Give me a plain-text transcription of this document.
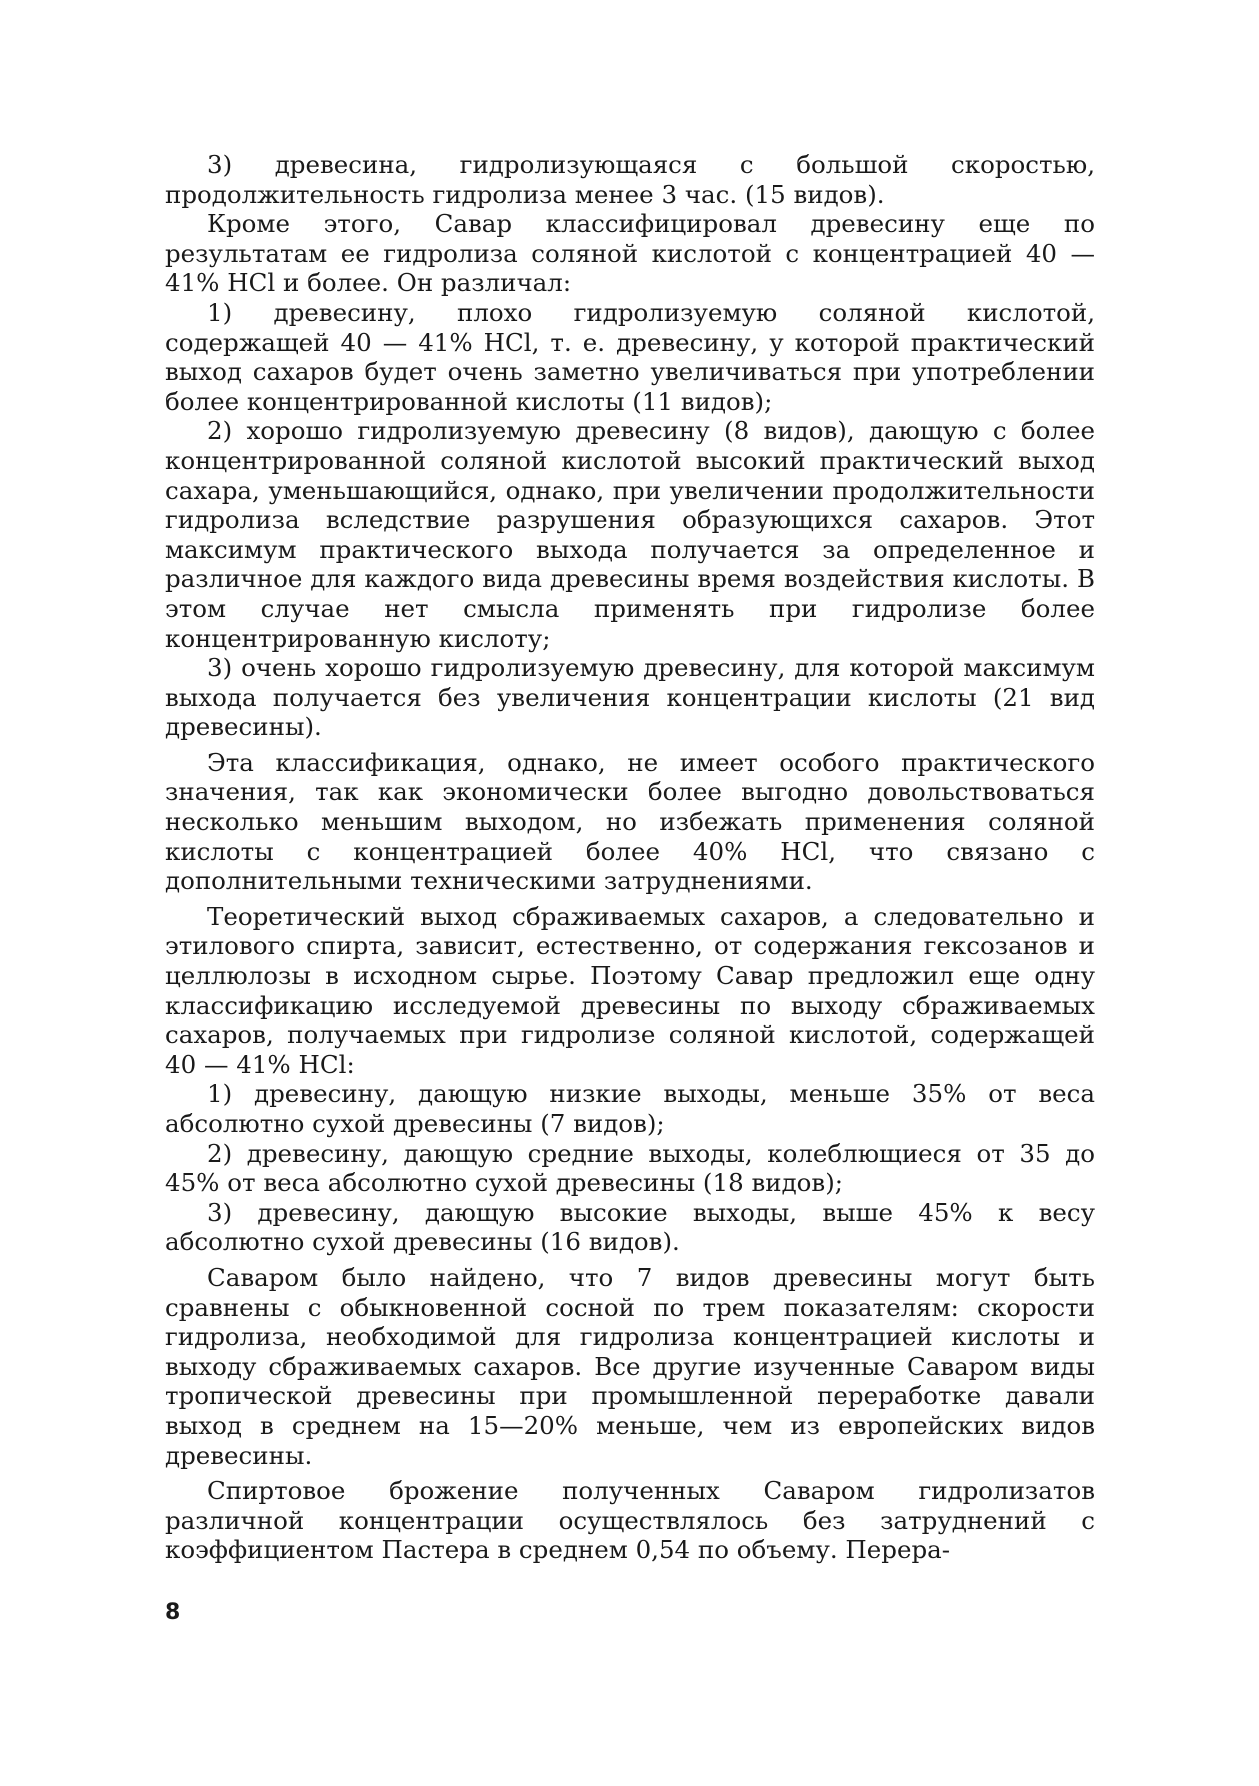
3) древесина, гидролизующаяся с большой скоростью, продолжительность гидролиза менее 3 час. (15 видов).

Кроме этого, Савар классифицировал древесину еще по результатам ее гидролиза соляной кислотой с концентрацией 40 — 41% HCl и более. Он различал:

1) древесину, плохо гидролизуемую соляной кислотой, содержащей 40 — 41% HCl, т. е. древесину, у которой практический выход сахаров будет очень заметно увеличиваться при употреблении более концентрированной кислоты (11 видов);

2) хорошо гидролизуемую древесину (8 видов), дающую с более концентрированной соляной кислотой высокий практический выход сахара, уменьшающийся, однако, при увеличении продолжительности гидролиза вследствие разрушения образующихся сахаров. Этот максимум практического выхода получается за определенное и различное для каждого вида древесины время воздействия кислоты. В этом случае нет смысла применять при гидролизе более концентрированную кислоту;

3) очень хорошо гидролизуемую древесину, для которой максимум выхода получается без увеличения концентрации кислоты (21 вид древесины).

Эта классификация, однако, не имеет особого практического значения, так как экономически более выгодно довольствоваться несколько меньшим выходом, но избежать применения соляной кислоты с концентрацией более 40% HCl, что связано с дополнительными техническими затруднениями.

Теоретический выход сбраживаемых сахаров, а следовательно и этилового спирта, зависит, естественно, от содержания гексозанов и целлюлозы в исходном сырье. Поэтому Савар предложил еще одну классификацию исследуемой древесины по выходу сбраживаемых сахаров, получаемых при гидролизе соляной кислотой, содержащей 40 — 41% HCl:

1) древесину, дающую низкие выходы, меньше 35% от веса абсолютно сухой древесины (7 видов);

2) древесину, дающую средние выходы, колеблющиеся от 35 до 45% от веса абсолютно сухой древесины (18 видов);

3) древесину, дающую высокие выходы, выше 45% к весу абсолютно сухой древесины (16 видов).

Саваром было найдено, что 7 видов древесины могут быть сравнены с обыкновенной сосной по трем показателям: скорости гидролиза, необходимой для гидролиза концентрацией кислоты и выходу сбраживаемых сахаров. Все другие изученные Саваром виды тропической древесины при промышленной переработке давали выход в среднем на 15—20% меньше, чем из европейских видов древесины.

Спиртовое брожение полученных Саваром гидролизатов различной концентрации осуществлялось без затруднений с коэффициентом Пастера в среднем 0,54 по объему. Перера-

8
